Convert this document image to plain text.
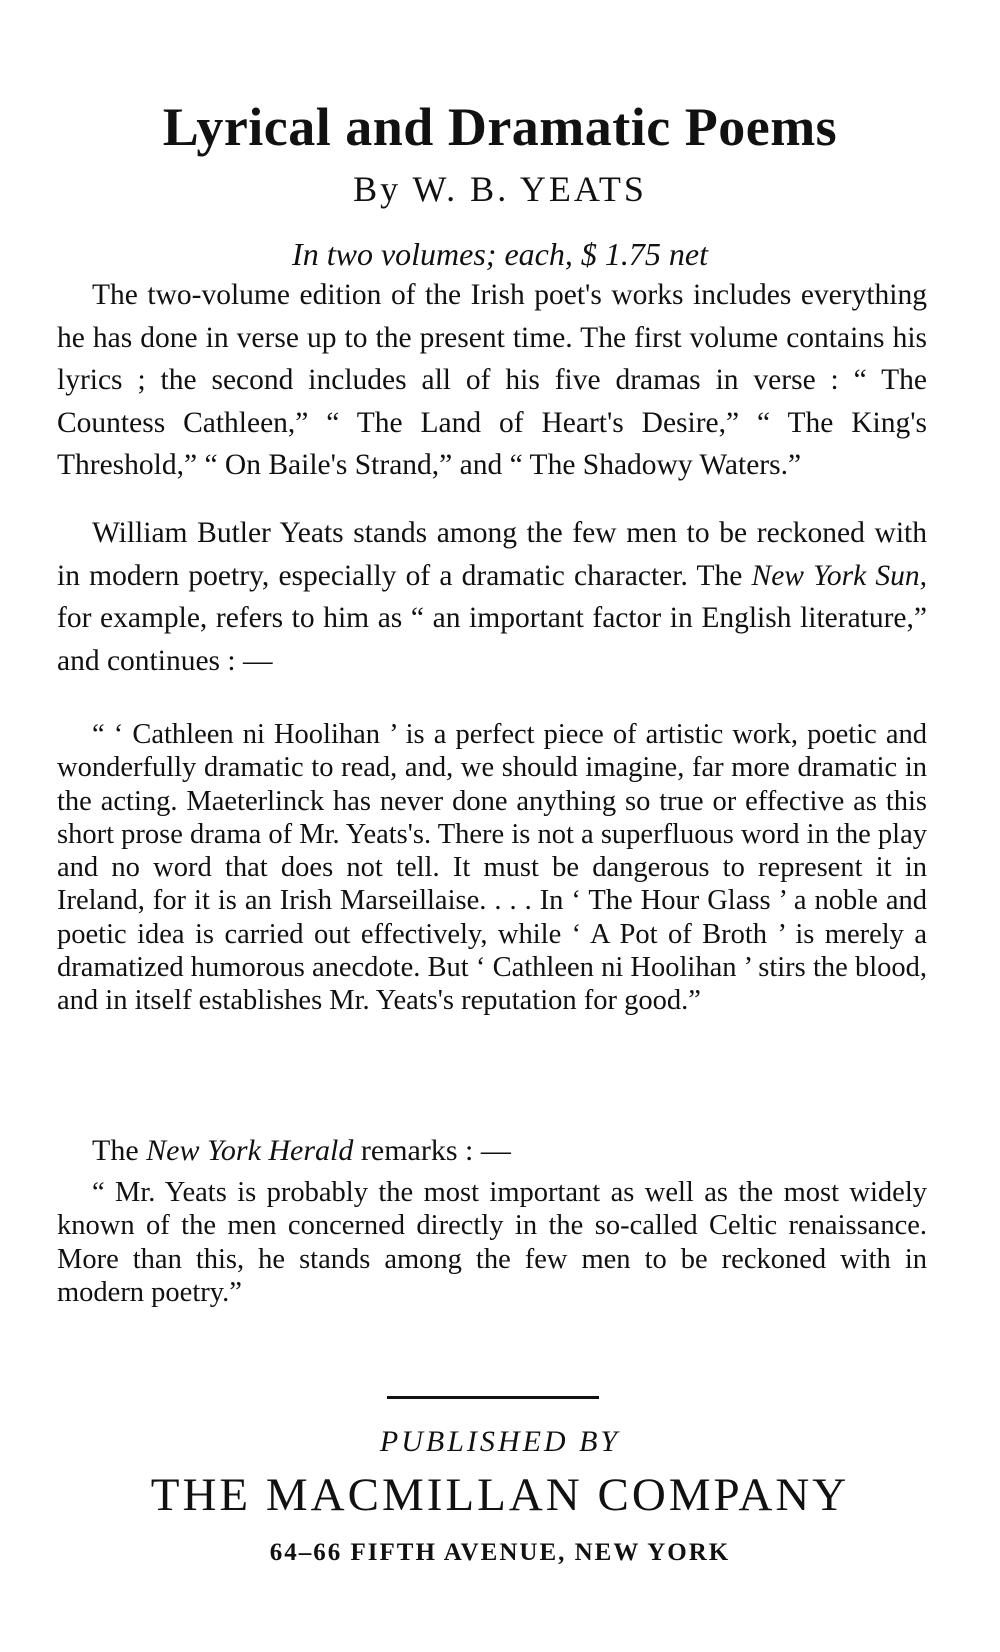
Lyrical and Dramatic Poems
By W. B. YEATS
In two volumes; each, $ 1.75 net
The two-volume edition of the Irish poet's works includes everything he has done in verse up to the present time. The first volume contains his lyrics ; the second includes all of his five dramas in verse : “ The Countess Cathleen,” “ The Land of Heart's Desire,” “ The King's Threshold,” “ On Baile's Strand,” and “ The Shadowy Waters.”
William Butler Yeats stands among the few men to be reckoned with in modern poetry, especially of a dramatic character. The New York Sun, for example, refers to him as “ an important factor in English literature,” and continues : —
“ ‘ Cathleen ni Hoolihan ’ is a perfect piece of artistic work, poetic and wonderfully dramatic to read, and, we should imagine, far more dramatic in the acting. Maeterlinck has never done anything so true or effective as this short prose drama of Mr. Yeats's. There is not a superfluous word in the play and no word that does not tell. It must be dangerous to represent it in Ireland, for it is an Irish Marseillaise. . . . In ‘ The Hour Glass ’ a noble and poetic idea is carried out effectively, while ‘ A Pot of Broth ’ is merely a dramatized humorous anecdote. But ‘ Cathleen ni Hoolihan ’ stirs the blood, and in itself establishes Mr. Yeats's reputation for good.”
The New York Herald remarks : —
“ Mr. Yeats is probably the most important as well as the most widely known of the men concerned directly in the so-called Celtic renaissance. More than this, he stands among the few men to be reckoned with in modern poetry.”
PUBLISHED BY
THE MACMILLAN COMPANY
64–66 FIFTH AVENUE, NEW YORK
